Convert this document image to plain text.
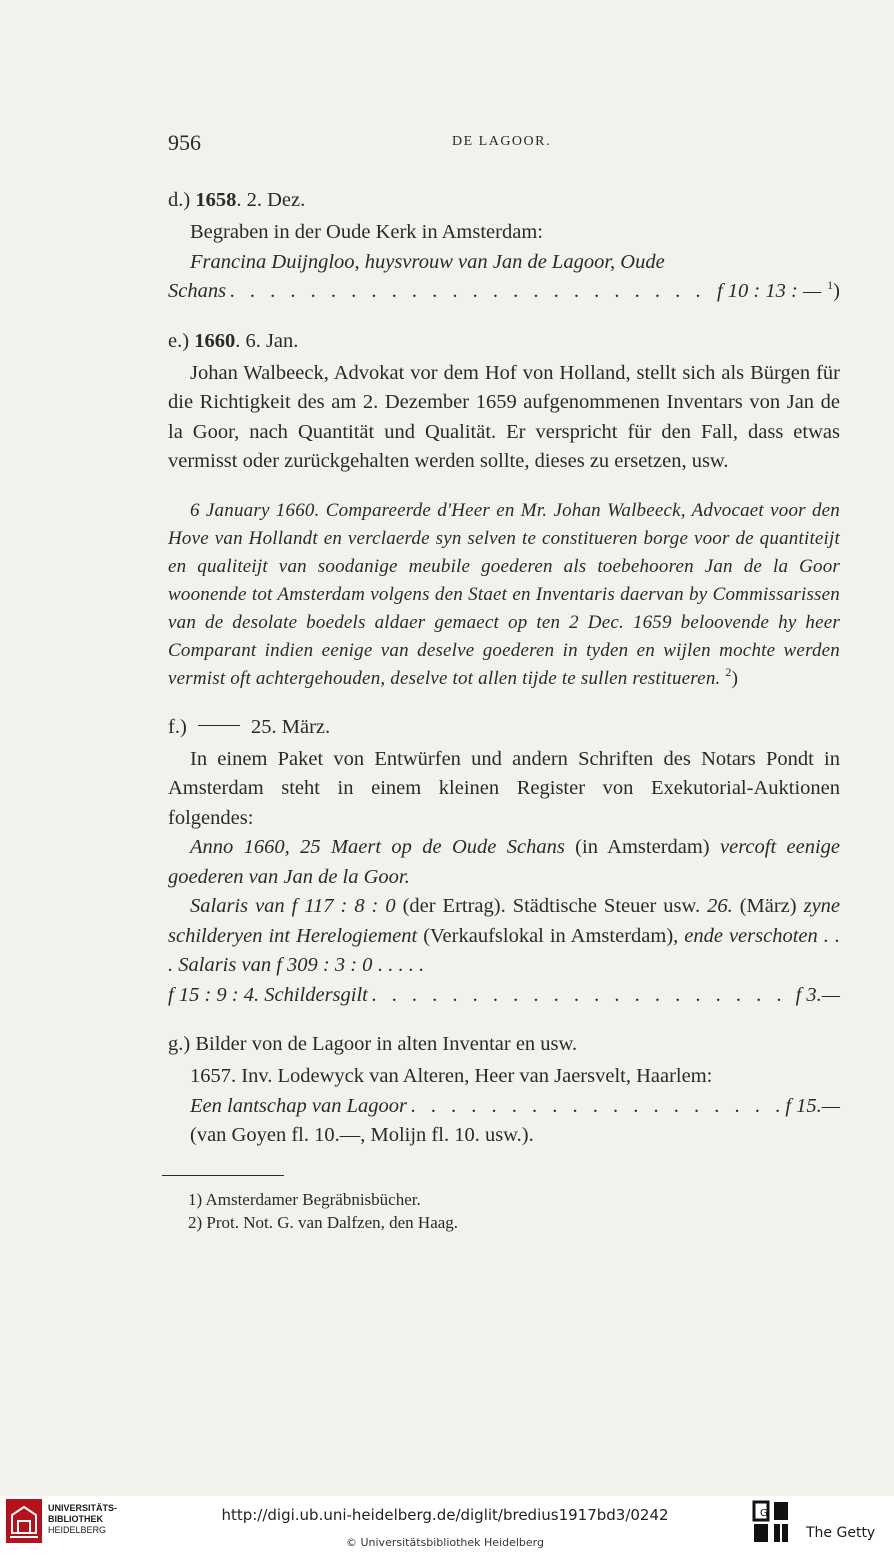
956	DE LAGOOR.
d.) 1658. 2. Dez.

Begraben in der Oude Kerk in Amsterdam:

Francina Duijngloo, huysvrouw van Jan de Lagoor, Oude

Schans . . .	f 10 : 13 : — $^1$)
e.) 1660. 6. Jan.

Johan Walbeeck, Advokat vor dem Hof von Holland, stellt sich als Bürgen für die Richtigkeit des am 2. Dezember 1659 aufgenommenen Inventars von Jan de la Goor, nach Quantität und Qualität. Er verspricht für den Fall, dass etwas vermisst oder zurückgehalten werden sollte, dieses zu ersetzen, usw.

6 January 1660. Compareerde d'Heer en Mr. Johan Walbeeck, Advocaet voor den Hove van Hollandt en verclaerde syn selven te constitueren borge voor de quantiteijt en qualiteijt van soodanige meubile goederen als toebehooren Jan de la Goor woonende tot Amsterdam volgens den Staet en Inventaris daervan by Commissarissen van de desolate boedels aldaer gemaect op ten 2 Dec. 1659 beloovende hy heer Comparant indien eenige van deselve goederen in tyden en wijlen mochte werden vermist oft achtergehouden, deselve tot allen tijde te sullen restitueren. $^2$)

f.)	25. März.

In einem Paket von Entwürfen und andern Schriften des Notars Pondt in Amsterdam steht in einem kleinen Register von Exekutorial-Auktionen folgendes:

Anno 1660, 25 Maert op de Oude Schans (in Amsterdam) vercoft eenige goederen van Jan de la Goor.

Salaris van f 117 : 8 : 0 (der Ertrag). Städtische Steuer usw. 26. (März) zyne schilderyen int Herelogiement (Verkaufslokal in Amsterdam), ende verschoten . . . Salaris van f 309 : 3 : 0 . . . . .

f 15 : 9 : 4. Schildersgilt . . .	f 3.—
g.) Bilder von de Lagoor in alten Inventar en usw.

1657. Inv. Lodewyck van Alteren, Heer van Jaersvelt, Haarlem:

Een lantschap van Lagoor . . .	f 15.—

(van Goyen fl. 10.—, Molijn fl. 10. usw.).

1) Amsterdamer Begräbnisbücher.
2) Prot. Not. G. van Dalfzen, den Haag.
UNIVERSITÄTS-
BIBLIOTHEK
HEIDELBERG
http://digi.ub.uni-heidelberg.de/diglit/bredius1917bd3/0242
© Universitätsbibliothek Heidelberg
G
The Getty
